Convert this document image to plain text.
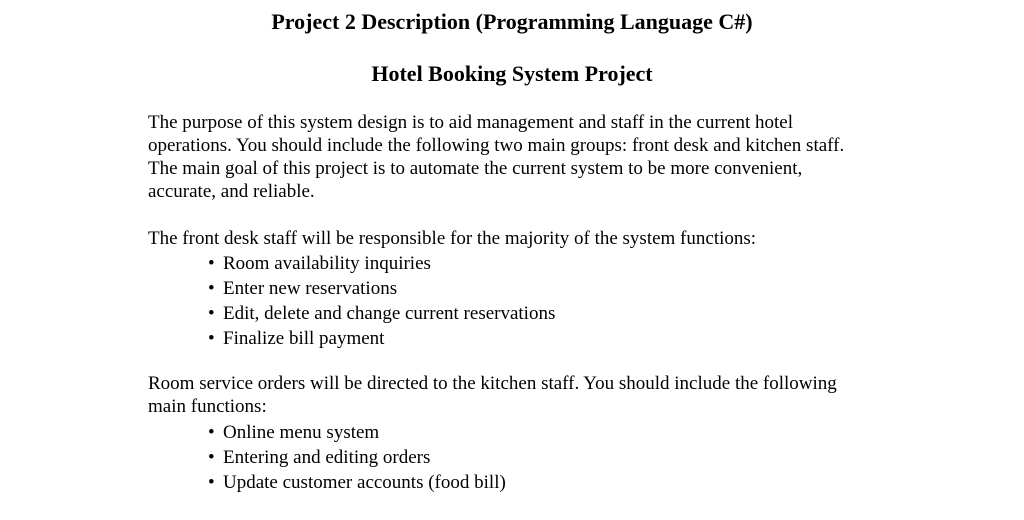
Project 2 Description (Programming Language C#)
Hotel Booking System Project

The purpose of this system design is to aid management and staff in the current hotel operations. You should include the following two main groups: front desk and kitchen staff. The main goal of this project is to automate the current system to be more convenient, accurate, and reliable.

The front desk staff will be responsible for the majority of the system functions:

• Room availability inquiries
• Enter new reservations
• Edit, delete and change current reservations
• Finalize bill payment

Room service orders will be directed to the kitchen staff. You should include the following main functions:

• Online menu system
• Entering and editing orders
• Update customer accounts (food bill)
